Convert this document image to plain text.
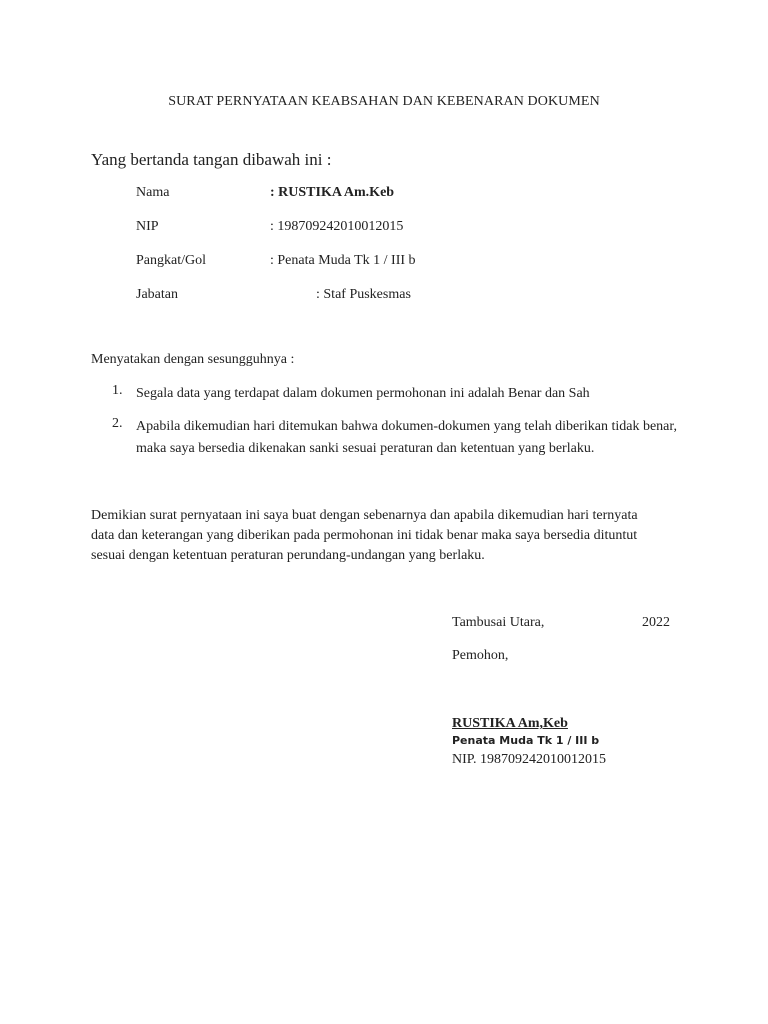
SURAT PERNYATAAN KEABSAHAN DAN KEBENARAN DOKUMEN
Yang bertanda tangan dibawah ini :
Nama	: RUSTIKA Am.Keb
NIP	: 198709242010012015
Pangkat/Gol	: Penata Muda Tk 1 / III b
Jabatan	: Staf Puskesmas
Menyatakan dengan sesungguhnya :
1. Segala data yang terdapat dalam dokumen permohonan ini adalah Benar dan Sah
2. Apabila dikemudian hari ditemukan bahwa dokumen-dokumen yang telah diberikan tidak benar, maka saya bersedia dikenakan sanki sesuai peraturan dan ketentuan yang berlaku.
Demikian surat pernyataan ini saya buat dengan sebenarnya dan apabila dikemudian hari ternyata data dan keterangan yang diberikan pada permohonan ini tidak benar maka saya bersedia dituntut sesuai dengan ketentuan peraturan perundang-undangan yang berlaku.
Tambusai Utara,	2022
Pemohon,
RUSTIKA Am,Keb
Penata Muda Tk 1 / III b
NIP. 198709242010012015
